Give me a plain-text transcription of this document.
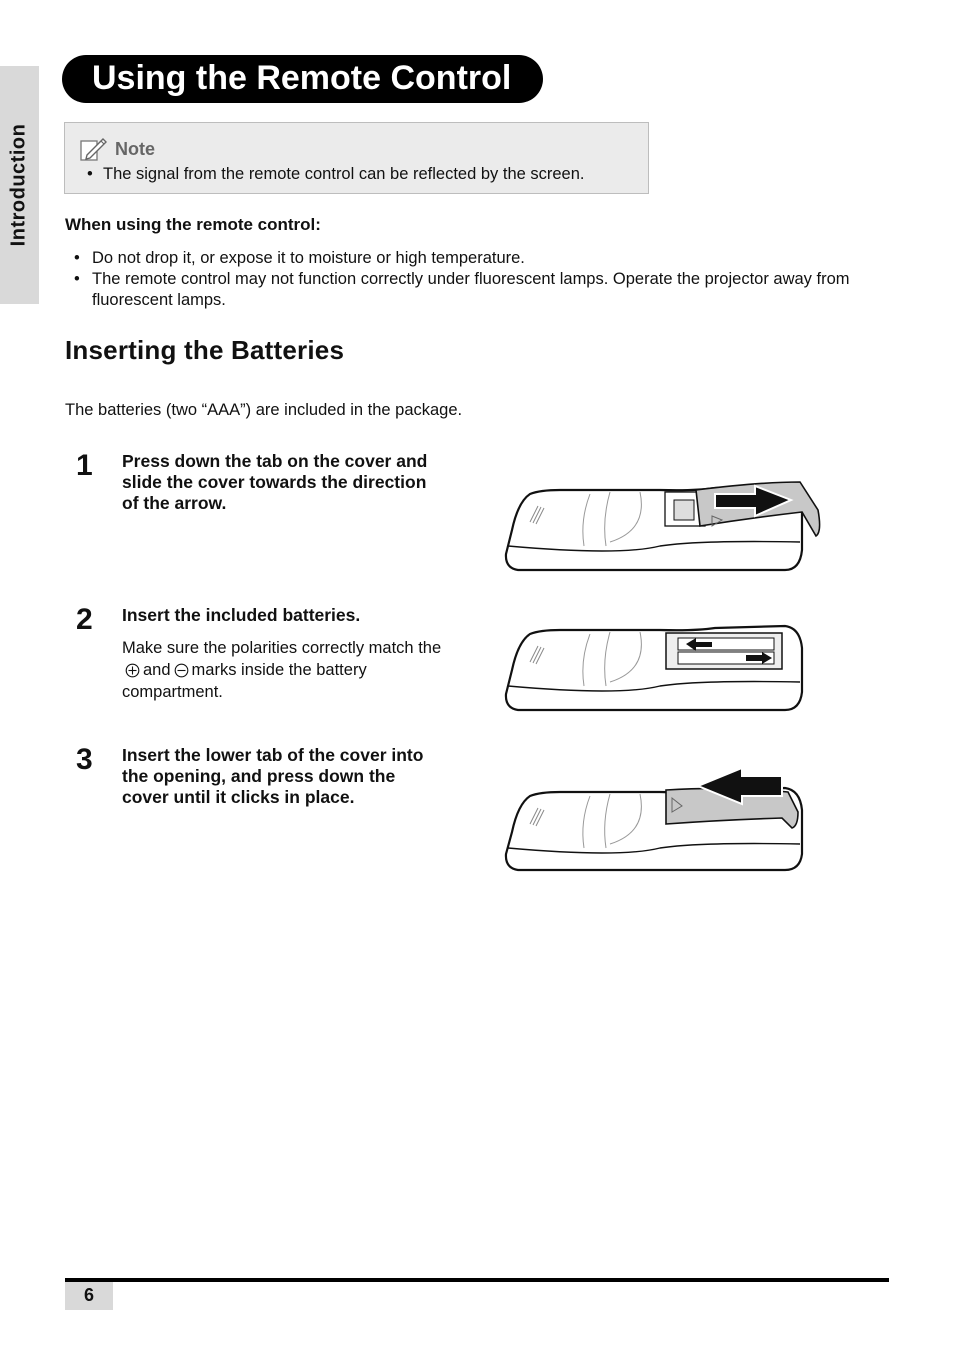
Introduction
Using the Remote Control
Note
• The signal from the remote control can be reflected by the screen.
When using the remote control:
• Do not drop it, or expose it to moisture or high temperature.
• The remote control may not function correctly under fluorescent lamps. Operate the projector away from fluorescent lamps.
Inserting the Batteries
The batteries (two “AAA”) are included in the package.
1 Press down the tab on the cover and slide the cover towards the direction of the arrow.
2 Insert the included batteries.
Make sure the polarities correctly match theand marks inside the battery compartment.
3 Insert the lower tab of the cover into the opening, and press down the cover until it clicks in place.
6
